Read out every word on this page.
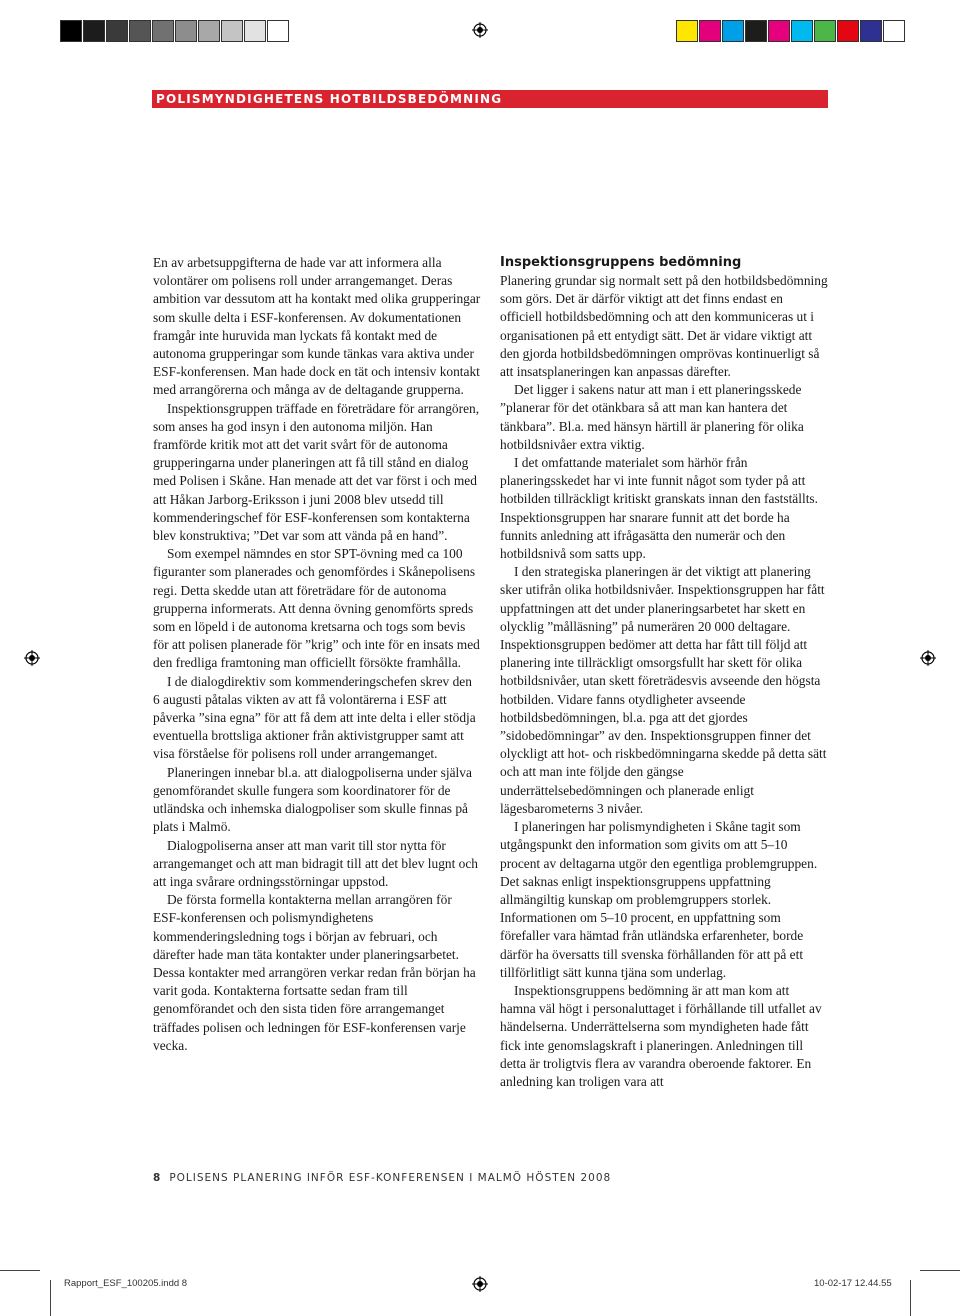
POLISMYNDIGHETENS HOTBILDSBEDÖMNING

En av arbetsuppgifterna de hade var att informera alla volontärer om polisens roll under arrangemanget. Deras ambition var dessutom att ha kontakt med olika grupperingar som skulle delta i ESF-konferensen. Av dokumentationen framgår inte huruvida man lyckats få kontakt med de autonoma grupperingar som kunde tänkas vara aktiva under ESF-konferensen. Man hade dock en tät och intensiv kontakt med arrangörerna och många av de deltagande grupperna.

Inspektionsgruppen träffade en företrädare för arrangören, som anses ha god insyn i den autonoma miljön. Han framförde kritik mot att det varit svårt för de autonoma grupperingarna under planeringen att få till stånd en dialog med Polisen i Skåne. Han menade att det var först i och med att Håkan Jarborg-Eriksson i juni 2008 blev utsedd till kommenderingschef för ESF-konferensen som kontakterna blev konstruktiva; ”Det var som att vända på en hand”.

Som exempel nämndes en stor SPT-övning med ca 100 figuranter som planerades och genomfördes i Skånepolisens regi. Detta skedde utan att företrädare för de autonoma grupperna informerats. Att denna övning genomförts spreds som en löpeld i de autonoma kretsarna och togs som bevis för att polisen planerade för ”krig” och inte för en insats med den fredliga framtoning man officiellt försökte framhålla.

I de dialogdirektiv som kommenderingschefen skrev den 6 augusti påtalas vikten av att få volontärerna i ESF att påverka ”sina egna” för att få dem att inte delta i eller stödja eventuella brottsliga aktioner från aktivistgrupper samt att visa förståelse för polisens roll under arrangemanget.

Planeringen innebar bl.a. att dialogpoliserna under själva genomförandet skulle fungera som koordinatorer för de utländska och inhemska dialogpoliser som skulle finnas på plats i Malmö.

Dialogpoliserna anser att man varit till stor nytta för arrangemanget och att man bidragit till att det blev lugnt och att inga svårare ordningsstörningar uppstod.

De första formella kontakterna mellan arrangören för ESF-konferensen och polismyndighetens kommenderingsledning togs i början av februari, och därefter hade man täta kontakter under planeringsarbetet. Dessa kontakter med arrangören verkar redan från början ha varit goda. Kontakterna fortsatte sedan fram till genomförandet och den sista tiden före arrangemanget träffades polisen och ledningen för ESF-konferensen varje vecka.

Inspektionsgruppens bedömning

Planering grundar sig normalt sett på den hotbildsbedömning som görs. Det är därför viktigt att det finns endast en officiell hotbildsbedömning och att den kommuniceras ut i organisationen på ett entydigt sätt. Det är vidare viktigt att den gjorda hotbildsbedömningen omprövas kontinuerligt så att insatsplaneringen kan anpassas därefter.

Det ligger i sakens natur att man i ett planeringsskede ”planerar för det otänkbara så att man kan hantera det tänkbara”. Bl.a. med hänsyn härtill är planering för olika hotbildsnivåer extra viktig.

I det omfattande materialet som härhör från planeringsskedet har vi inte funnit något som tyder på att hotbilden tillräckligt kritiskt granskats innan den fastställts. Inspektionsgruppen har snarare funnit att det borde ha funnits anledning att ifrågasätta den numerär och den hotbildsnivå som satts upp.

I den strategiska planeringen är det viktigt att planering sker utifrån olika hotbildsnivåer. Inspektionsgruppen har fått uppfattningen att det under planeringsarbetet har skett en olycklig ”målläsning” på numerären 20 000 deltagare. Inspektionsgruppen bedömer att detta har fått till följd att planering inte tillräckligt omsorgsfullt har skett för olika hotbildsnivåer, utan skett företrädesvis avseende den högsta hotbilden. Vidare fanns otydligheter avseende hotbildsbedömningen, bl.a. pga att det gjordes ”sidobedömningar” av den. Inspektionsgruppen finner det olyckligt att hot- och riskbedömningarna skedde på detta sätt och att man inte följde den gängse underrättelsebedömningen och planerade enligt lägesbarometerns 3 nivåer.

I planeringen har polismyndigheten i Skåne tagit som utgångspunkt den information som givits om att 5–10 procent av deltagarna utgör den egentliga problemgruppen. Det saknas enligt inspektionsgruppens uppfattning allmängiltig kunskap om problemgruppers storlek. Informationen om 5–10 procent, en uppfattning som förefaller vara hämtad från utländska erfarenheter, borde därför ha översatts till svenska förhållanden för att på ett tillförlitligt sätt kunna tjäna som underlag.

Inspektionsgruppens bedömning är att man kom att hamna väl högt i personaluttaget i förhållande till utfallet av händelserna. Underrättelserna som myndigheten hade fått fick inte genomslagskraft i planeringen. Anledningen till detta är troligtvis flera av varandra oberoende faktorer. En anledning kan troligen vara att

8 POLISENS PLANERING INFÖR ESF-KONFERENSEN I MALMÖ HÖSTEN 2008
Rapport_ESF_100205.indd 8	10-02-17 12.44.55
